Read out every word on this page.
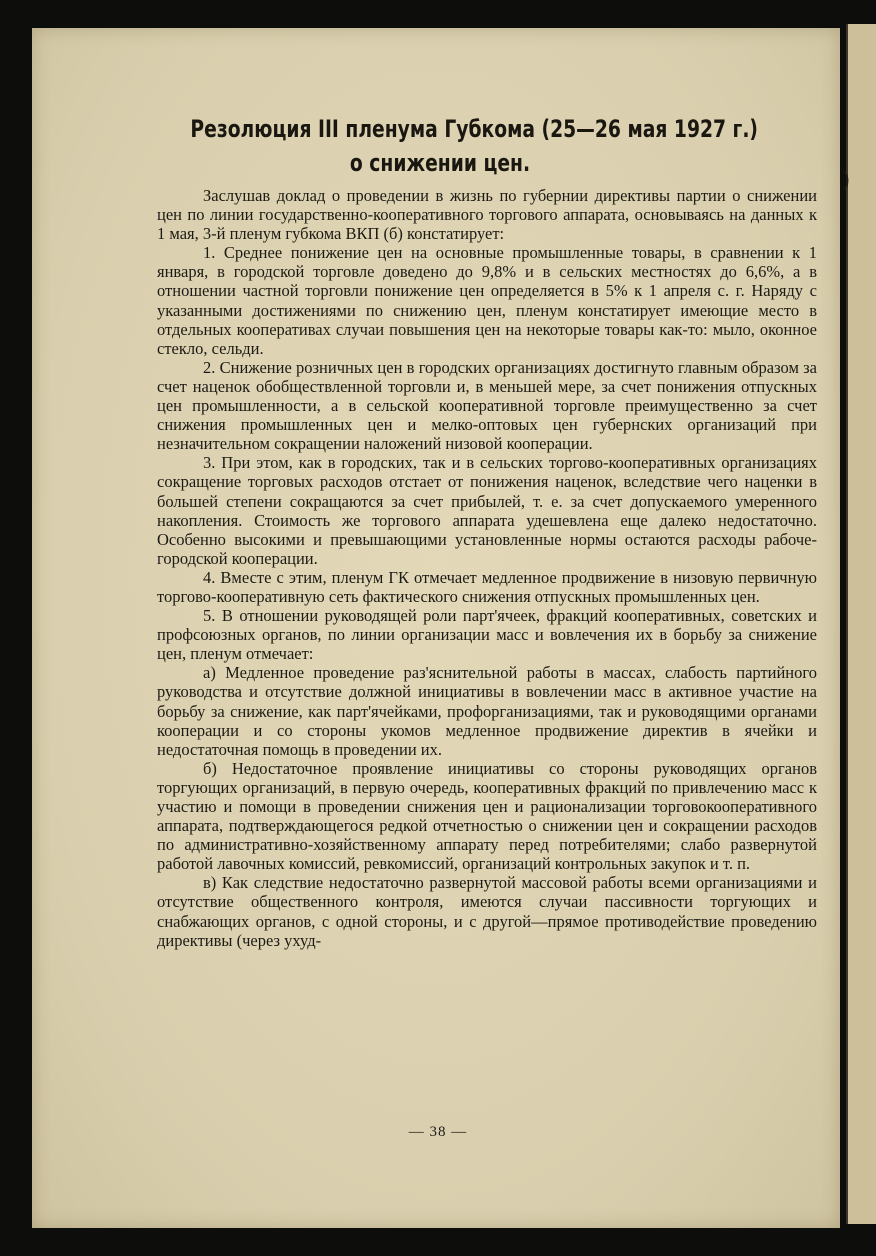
)
Резолюция III пленума Губкома (25—26 мая 1927 г.)
о снижении цен.

Заслушав доклад о проведении в жизнь по губернии директивы партии о снижении цен по линии государственно-кооперативного торгового аппарата, основываясь на данных к 1 мая, 3-й пленум губкома ВКП (б) констатирует:

1. Среднее понижение цен на основные промышленные товары, в сравнении к 1 января, в городской торговле доведено до 9,8% и в сельских местностях до 6,6%, а в отношении частной торговли понижение цен определяется в 5% к 1 апреля с. г. Наряду с указанными достижениями по снижению цен, пленум констатирует имеющие место в отдельных кооперативах случаи повышения цен на некоторые товары как-то: мыло, оконное стекло, сельди.

2. Снижение розничных цен в городских организациях достигнуто главным образом за счет наценок обобществленной торговли и, в меньшей мере, за счет понижения отпускных цен промышленности, а в сельской кооперативной торговле преимущественно за счет снижения промышленных цен и мелко-оптовых цен губернских организаций при незначительном сокращении наложений низовой кооперации.

3. При этом, как в городских, так и в сельских торгово-кооперативных организациях сокращение торговых расходов отстает от понижения наценок, вследствие чего наценки в большей степени сокращаются за счет прибылей, т. е. за счет допускаемого умеренного накопления. Стоимость же торгового аппарата удешевлена еще далеко недостаточно. Особенно высокими и превышающими установленные нормы остаются расходы рабоче-городской кооперации.

4. Вместе с этим, пленум ГК отмечает медленное продвижение в низовую первичную торгово-кооперативную сеть фактического снижения отпускных промышленных цен.

5. В отношении руководящей роли парт'ячеек, фракций кооперативных, советских и профсоюзных органов, по линии организации масс и вовлечения их в борьбу за снижение цен, пленум отмечает:

а) Медленное проведение раз'яснительной работы в массах, слабость партийного руководства и отсутствие должной инициативы в вовлечении масс в активное участие на борьбу за снижение, как парт'ячейками, профорганизациями, так и руководящими органами кооперации и со стороны укомов медленное продвижение директив в ячейки и недостаточная помощь в проведении их.

б) Недостаточное проявление инициативы со стороны руководящих органов торгующих организаций, в первую очередь, кооперативных фракций по привлечению масс к участию и помощи в проведении снижения цен и рационализации торговокооперативного аппарата, подтверждающегося редкой отчетностью о снижении цен и сокращении расходов по административно-хозяйственному аппарату перед потребителями; слабо развернутой работой лавочных комиссий, ревкомиссий, организаций контрольных закупок и т. п.

в) Как следствие недостаточно развернутой массовой работы всеми организациями и отсутствие общественного контроля, имеются случаи пассивности торгующих и снабжающих органов, с одной стороны, и с другой—прямое противодействие проведению директивы (через ухуд-

— 38 —
